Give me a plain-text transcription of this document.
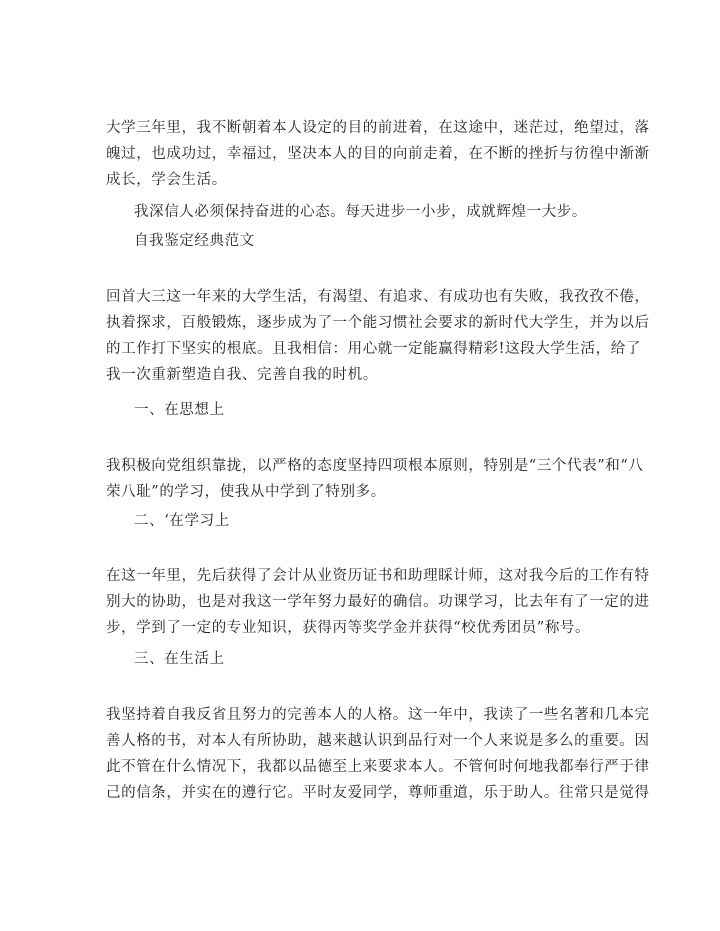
大学三年里，我不断朝着本人设定的目的前进着，在这途中，迷茫过，绝望过，落
魄过，也成功过，幸福过，坚决本人的目的向前走着，在不断的挫折与彷徨中渐渐
成长，学会生活。
我深信人必须保持奋进的心态。每天进步一小步，成就辉煌一大步。
自我鉴定经典范文
回首大三这一年来的大学生活，有渴望、有追求、有成功也有失败，我孜孜不倦，
执着探求，百般锻炼，逐步成为了一个能习惯社会要求的新时代大学生，并为以后
的工作打下坚实的根底。且我相信：用心就一定能赢得精彩!这段大学生活，给了
我一次重新塑造自我、完善自我的时机。
一、在思想上
我积极向党组织靠拢，以严格的态度坚持四项根本原则，特别是“三个代表”和“八
荣八耻”的学习，使我从中学到了特别多。
二、‘在学习上
在这一年里，先后获得了会计从业资历证书和助理睬计师，这对我今后的工作有特
别大的协助，也是对我这一学年努力最好的确信。功课学习，比去年有了一定的进
步，学到了一定的专业知识，获得丙等奖学金并获得“校优秀团员”称号。
三、在生活上
我坚持着自我反省且努力的完善本人的人格。这一年中，我读了一些名著和几本完
善人格的书，对本人有所协助，越来越认识到品行对一个人来说是多么的重要。因
此不管在什么情况下，我都以品德至上来要求本人。不管何时何地我都奉行严于律
己的信条，并实在的遵行它。平时友爱同学，尊师重道，乐于助人。往常只是觉得
